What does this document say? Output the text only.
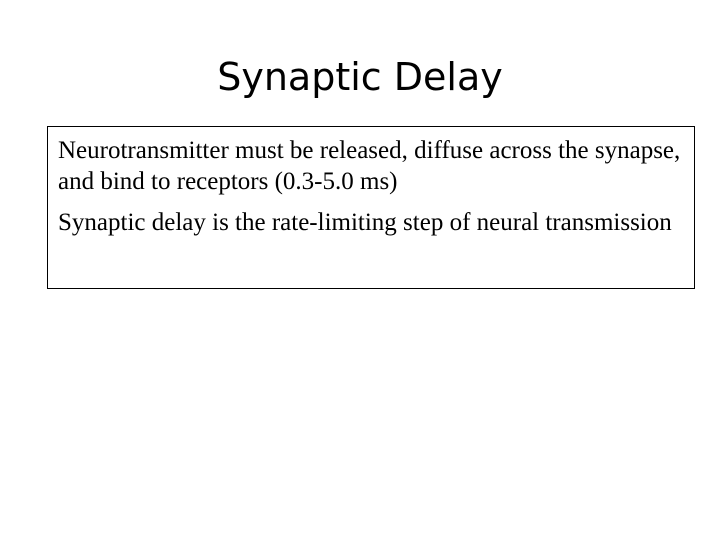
Synaptic Delay

Neurotransmitter must be released, diffuse across the synapse, and bind to receptors (0.3-5.0 ms)

Synaptic delay is the rate-limiting step of neural transmission
